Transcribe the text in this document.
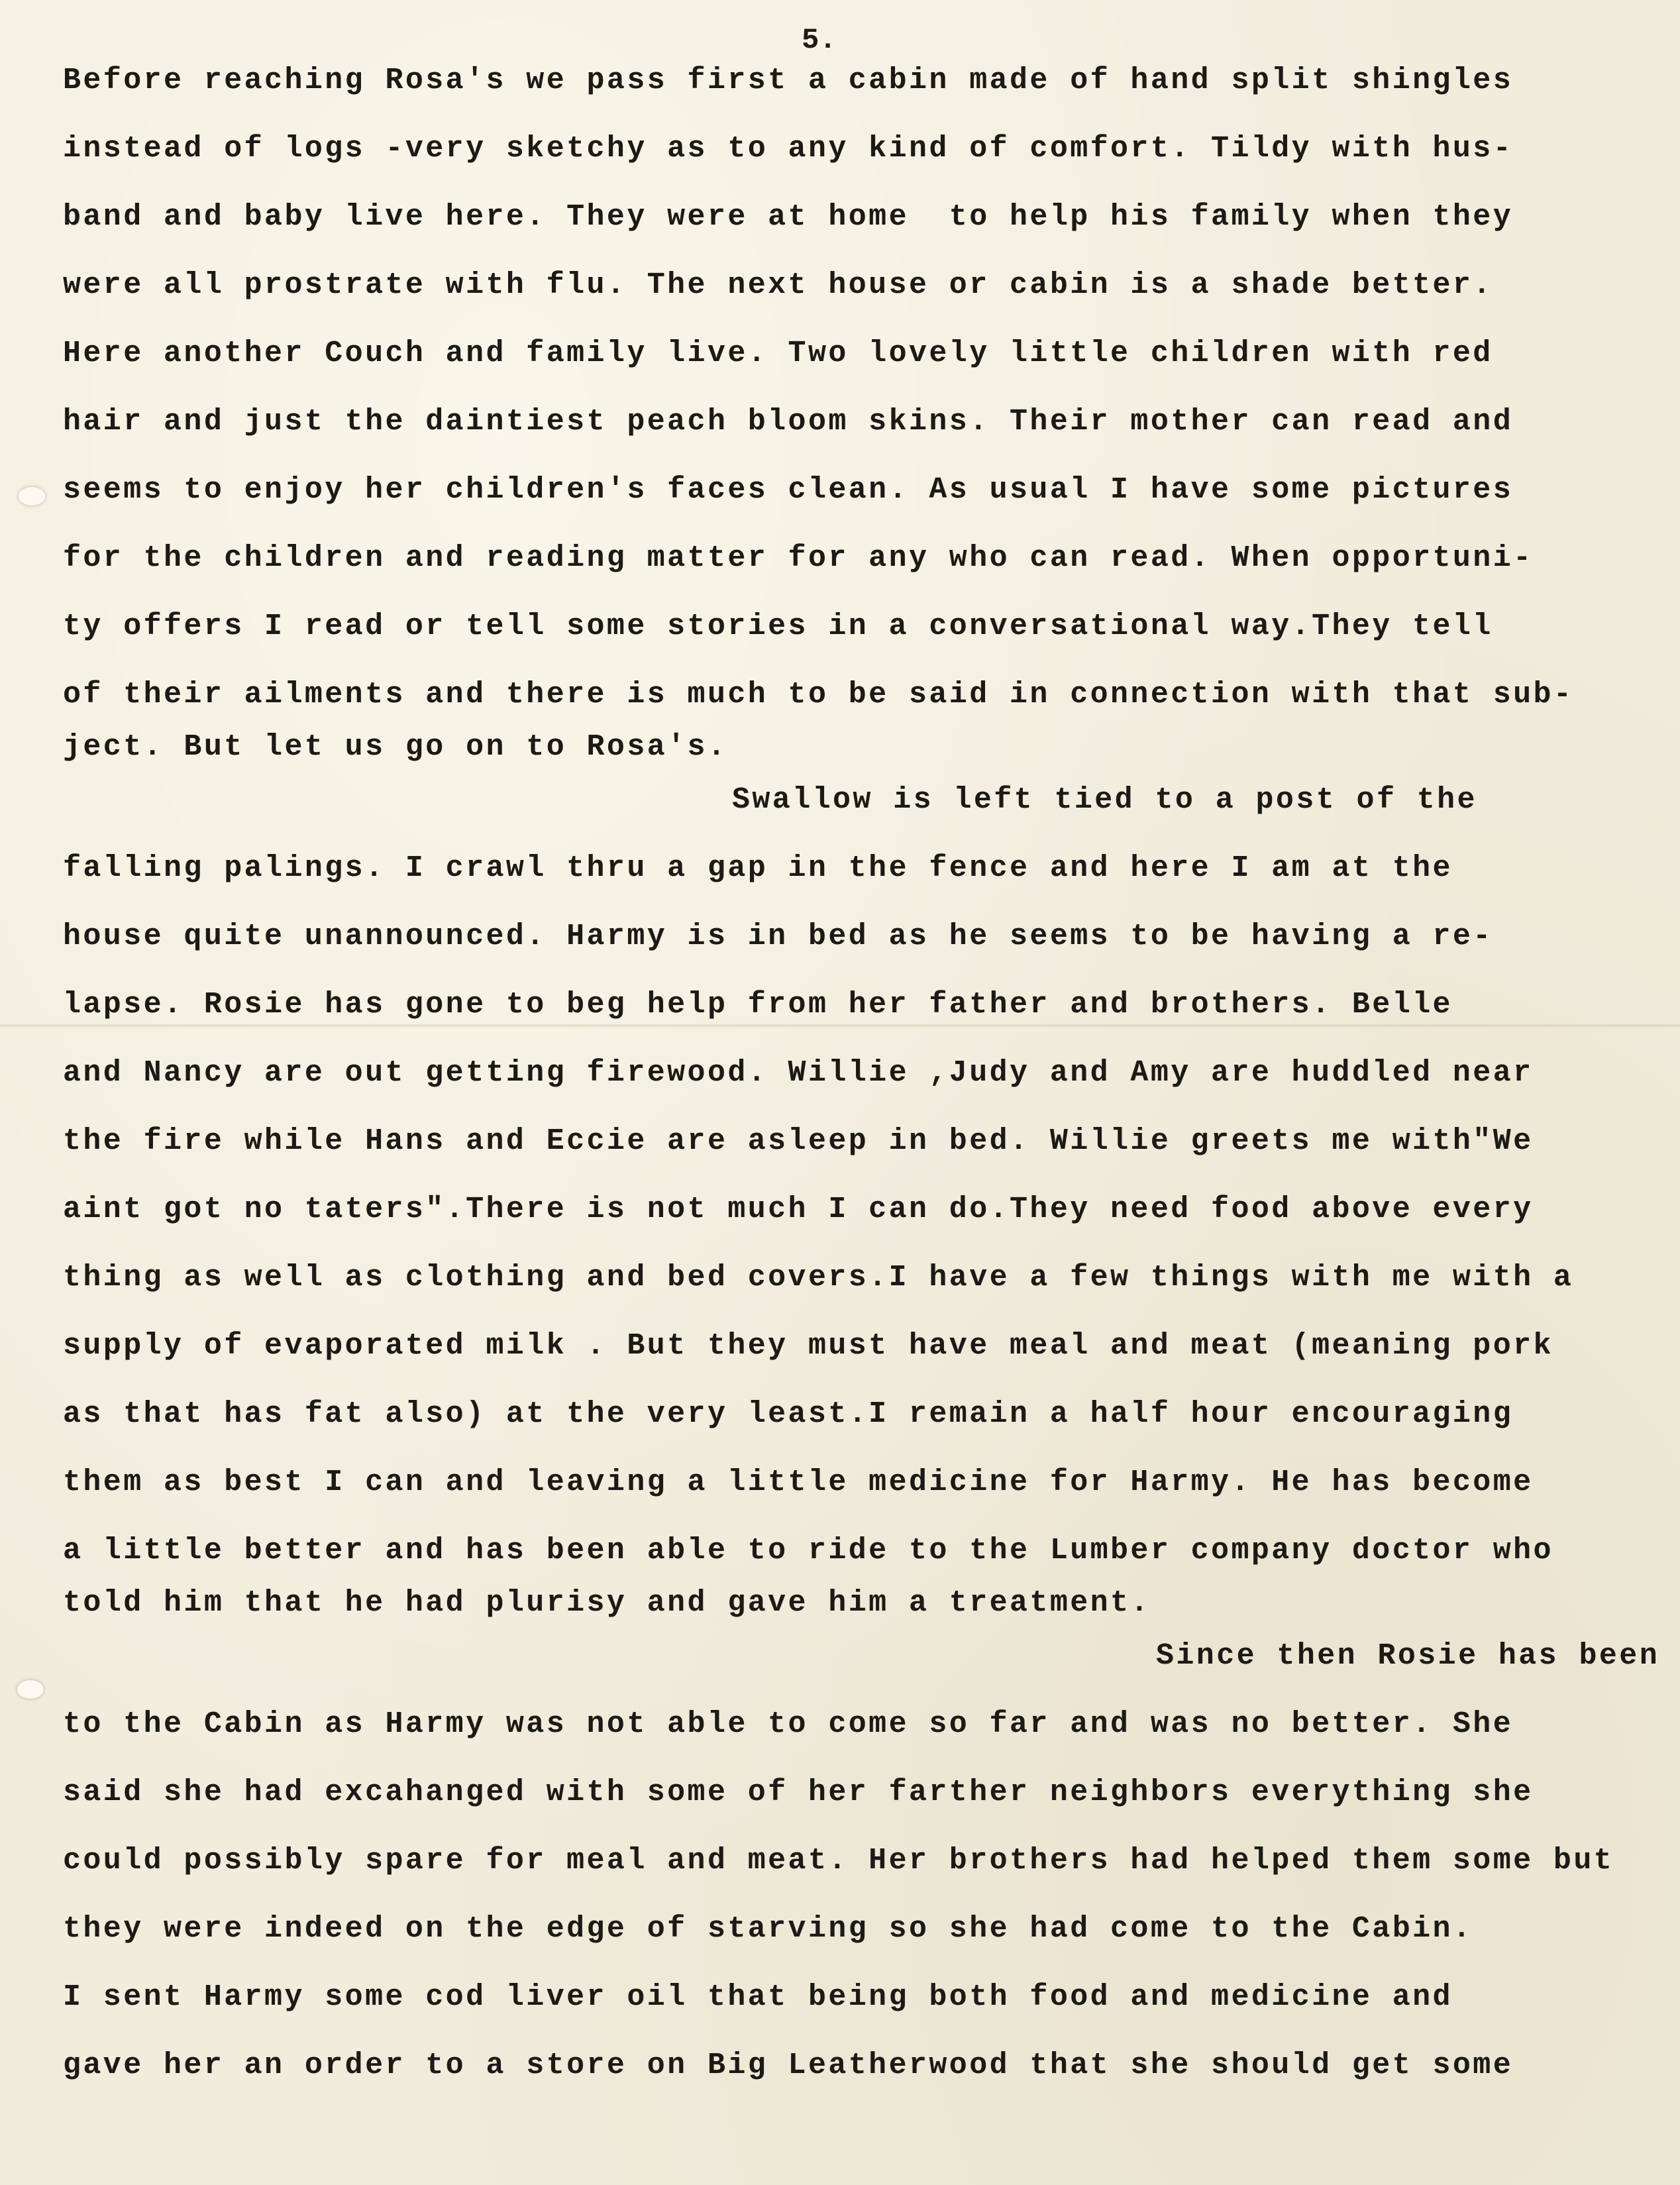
5.
Before reaching Rosa's we pass first a cabin made of hand split shingles
instead of logs -very sketchy as to any kind of comfort. Tildy with hus-
band and baby live here. They were at home  to help his family when they
were all prostrate with flu. The next house or cabin is a shade better.
Here another Couch and family live. Two lovely little children with red
hair and just the daintiest peach bloom skins. Their mother can read and
seems to enjoy her children's faces clean. As usual I have some pictures
for the children and reading matter for any who can read. When opportuni-
ty offers I read or tell some stories in a conversational way.They tell
of their ailments and there is much to be said in connection with that sub-
ject. But let us go on to Rosa's.
Swallow is left tied to a post of the
falling palings. I crawl thru a gap in the fence and here I am at the
house quite unannounced. Harmy is in bed as he seems to be having a re-
lapse. Rosie has gone to beg help from her father and brothers. Belle
and Nancy are out getting firewood. Willie ,Judy and Amy are huddled near
the fire while Hans and Eccie are asleep in bed. Willie greets me with"We
aint got no taters".There is not much I can do.They need food above every
thing as well as clothing and bed covers.I have a few things with me with a
supply of evaporated milk . But they must have meal and meat (meaning pork
as that has fat also) at the very least.I remain a half hour encouraging
them as best I can and leaving a little medicine for Harmy. He has become
a little better and has been able to ride to the Lumber company doctor who
told him that he had plurisy and gave him a treatment.
Since then Rosie has been
to the Cabin as Harmy was not able to come so far and was no better. She
said she had excahanged with some of her farther neighbors everything she
could possibly spare for meal and meat. Her brothers had helped them some but
they were indeed on the edge of starving so she had come to the Cabin.
I sent Harmy some cod liver oil that being both food and medicine and
gave her an order to a store on Big Leatherwood that she should get some
